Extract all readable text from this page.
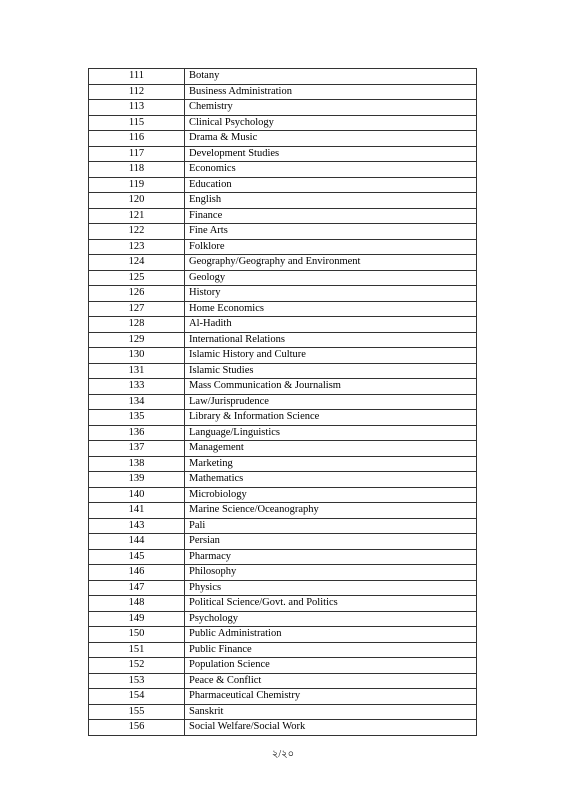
111	Botany
112	Business Administration
113	Chemistry
115	Clinical Psychology
116	Drama & Music
117	Development Studies
118	Economics
119	Education
120	English
121	Finance
122	Fine Arts
123	Folklore
124	Geography/Geography and Environment
125	Geology
126	History
127	Home Economics
128	Al-Hadith
129	International Relations
130	Islamic History and Culture
131	Islamic Studies
133	Mass Communication & Journalism
134	Law/Jurisprudence
135	Library & Information Science
136	Language/Linguistics
137	Management
138	Marketing
139	Mathematics
140	Microbiology
141	Marine Science/Oceanography
143	Pali
144	Persian
145	Pharmacy
146	Philosophy
147	Physics
148	Political Science/Govt. and Politics
149	Psychology
150	Public Administration
151	Public Finance
152	Population Science
153	Peace & Conflict
154	Pharmaceutical Chemistry
155	Sanskrit
156	Social Welfare/Social Work
২/২০
